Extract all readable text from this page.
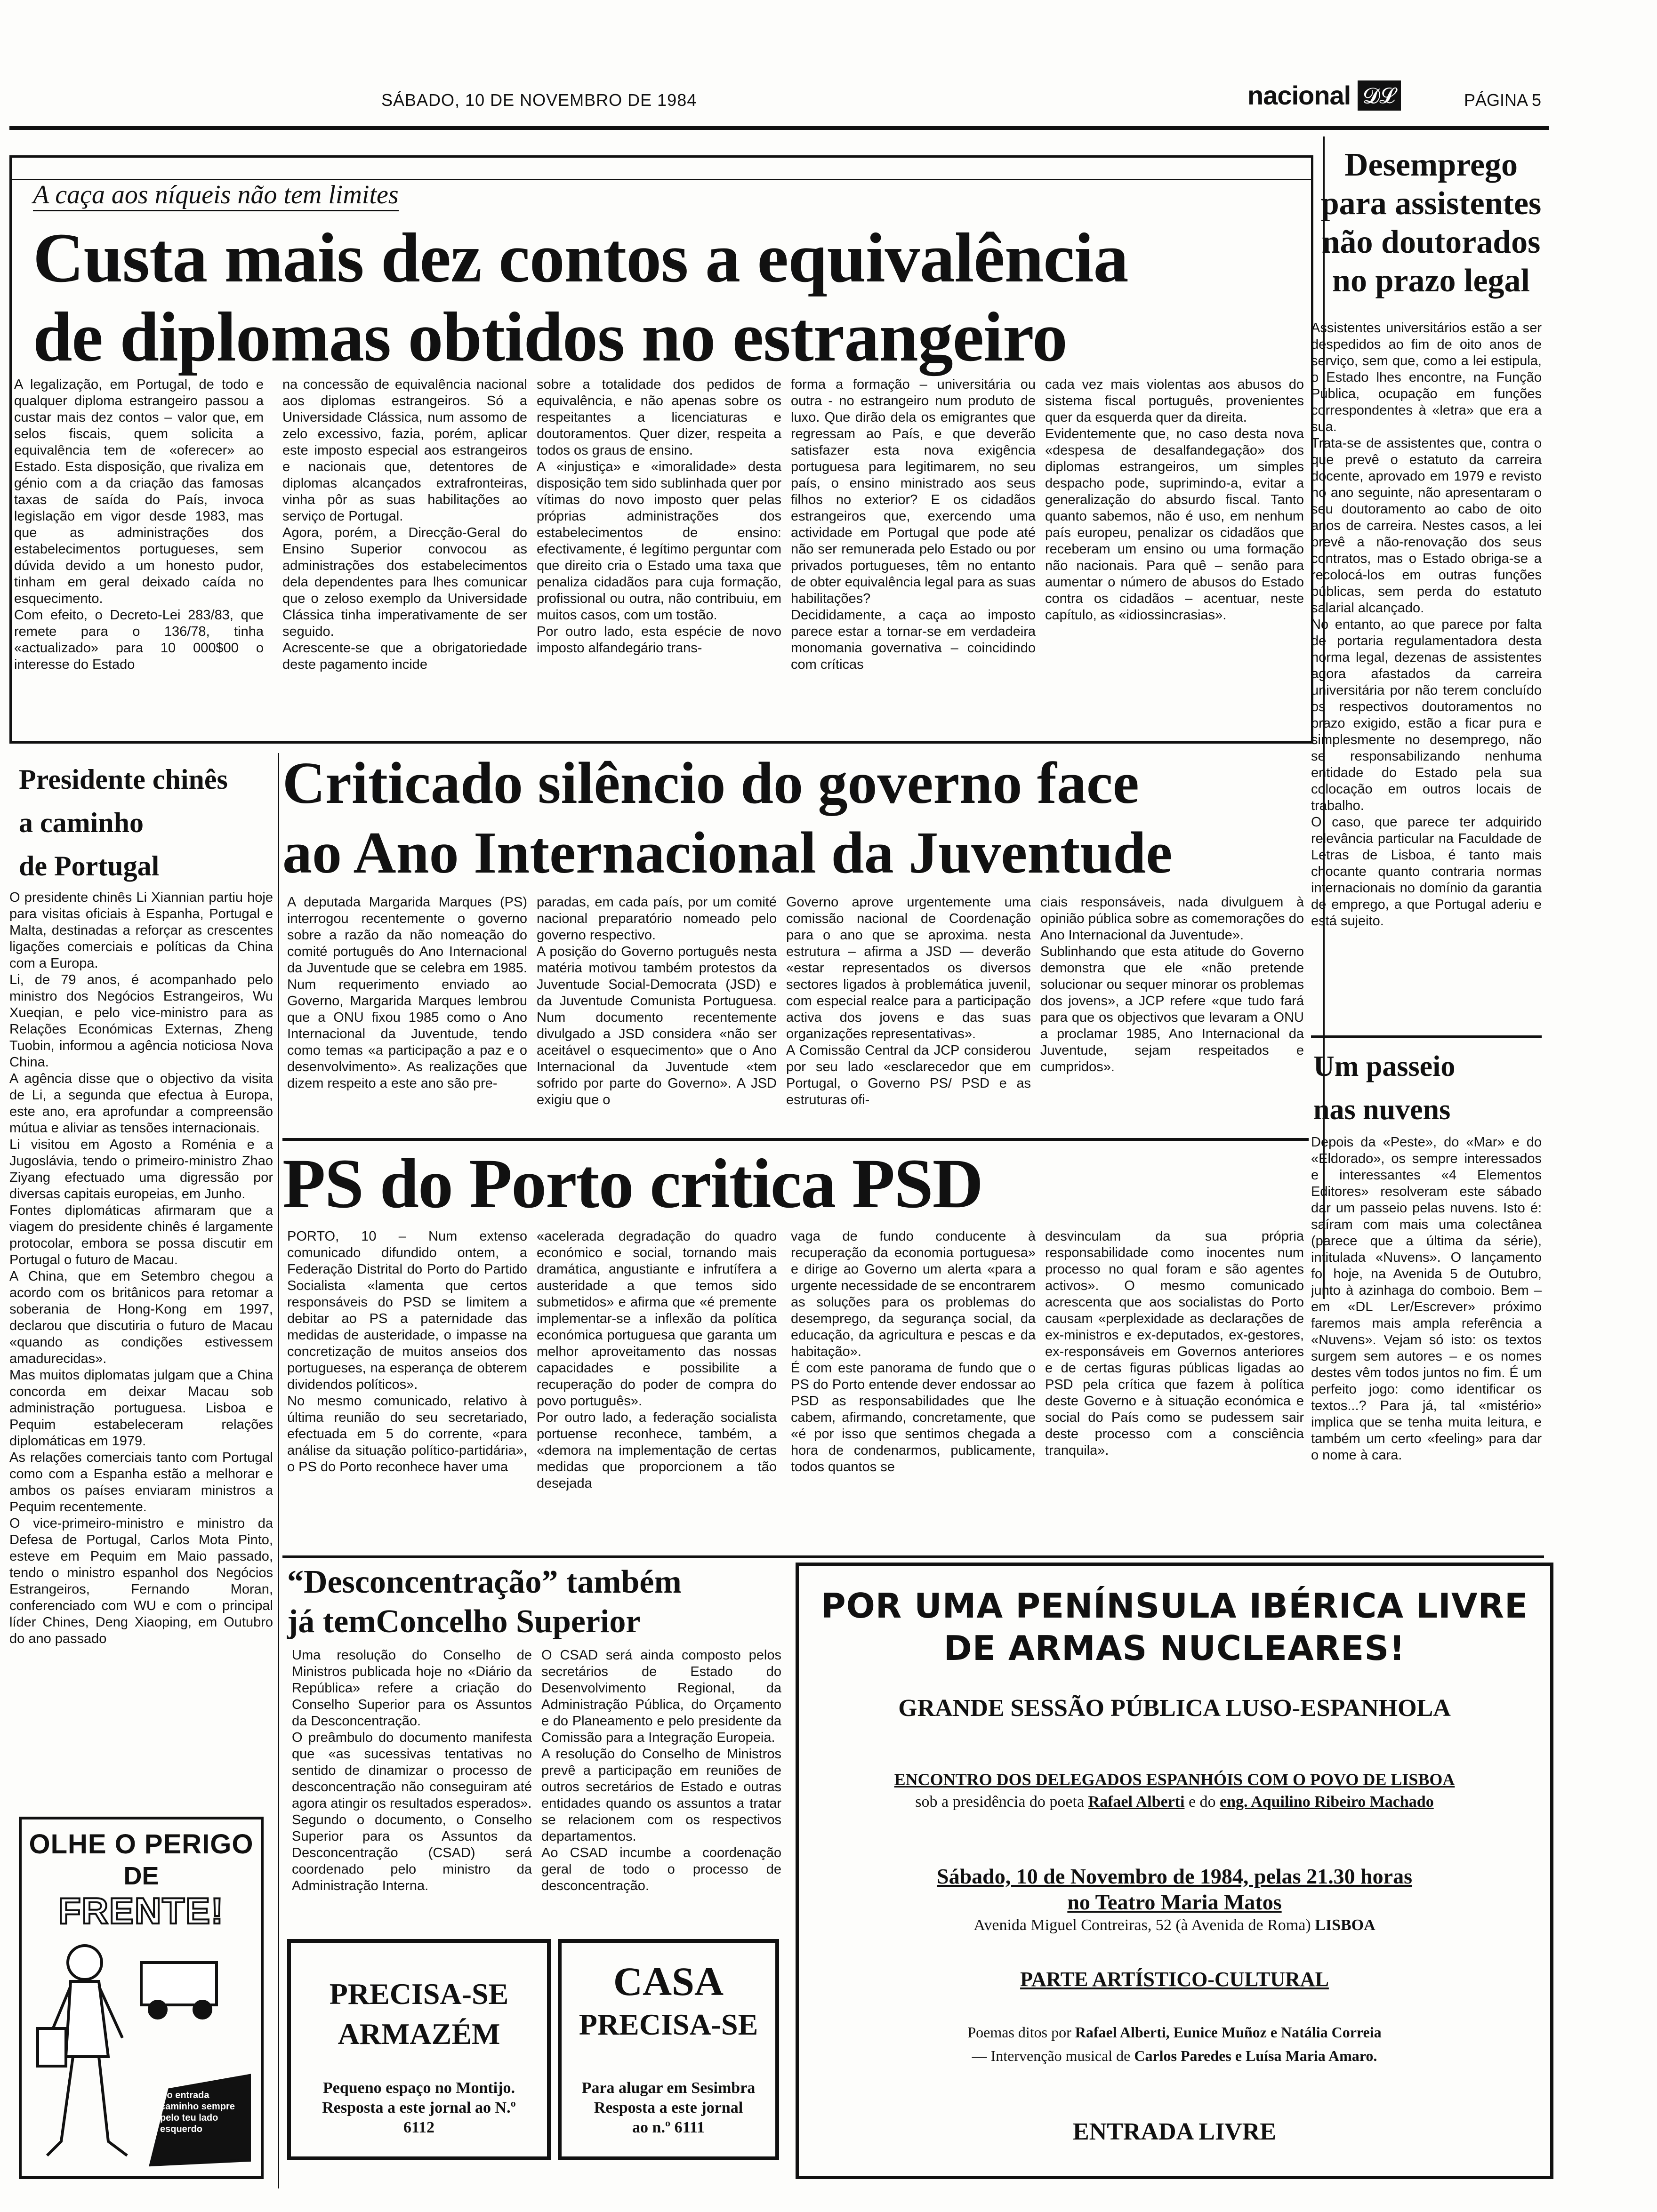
SÁBADO, 10 DE NOVEMBRO DE 1984	nacional 𝓓𝓛	PÁGINA 5
A caça aos níqueis não tem limites
Custa mais dez contos a equivalência
de diplomas obtidos no estrangeiro
A legalização, em Portugal, de todo e qualquer diploma estrangeiro passou a custar mais dez contos – valor que, em selos fiscais, quem solicita a equivalência tem de «oferecer» ao Estado. Esta disposição, que rivaliza em génio com a da criação das famosas taxas de saída do País, invoca legislação em vigor desde 1983, mas que as administrações dos estabelecimentos portugueses, sem dúvida devido a um honesto pudor, tinham em geral deixado caída no esquecimento.
Com efeito, o Decreto-Lei 283/83, que remete para o 136/78, tinha «actualizado» para 10 000$00 o interesse do Estado
na concessão de equivalência nacional aos diplomas estrangeiros. Só a Universidade Clássica, num assomo de zelo excessivo, fazia, porém, aplicar este imposto especial aos estrangeiros e nacionais que, detentores de diplomas alcançados extrafronteiras, vinha pôr as suas habilitações ao serviço de Portugal.
Agora, porém, a Direcção-Geral do Ensino Superior convocou as administrações dos estabelecimentos dela dependentes para lhes comunicar que o zeloso exemplo da Universidade Clássica tinha imperativamente de ser seguido.
Acrescente-se que a obrigatoriedade deste pagamento incide
sobre a totalidade dos pedidos de equivalência, e não apenas sobre os respeitantes a licenciaturas e doutoramentos. Quer dizer, respeita a todos os graus de ensino.
A «injustiça» e «imoralidade» desta disposição tem sido sublinhada quer por vítimas do novo imposto quer pelas próprias administrações dos estabelecimentos de ensino: efectivamente, é legítimo perguntar com que direito cria o Estado uma taxa que penaliza cidadãos para cuja formação, profissional ou outra, não contribuiu, em muitos casos, com um tostão.
Por outro lado, esta espécie de novo imposto alfandegário trans-
forma a formação – universitária ou outra - no estrangeiro num produto de luxo. Que dirão dela os emigrantes que regressam ao País, e que deverão satisfazer esta nova exigência portuguesa para legitimarem, no seu país, o ensino ministrado aos seus filhos no exterior? E os cidadãos estrangeiros que, exercendo uma actividade em Portugal que pode até não ser remunerada pelo Estado ou por privados portugueses, têm no entanto de obter equivalência legal para as suas habilitações?
Decididamente, a caça ao imposto parece estar a tornar-se em verdadeira monomania governativa – coincidindo com críticas
cada vez mais violentas aos abusos do sistema fiscal português, provenientes quer da esquerda quer da direita.
Evidentemente que, no caso desta nova «despesa de desalfandegação» dos diplomas estrangeiros, um simples despacho pode, suprimindo-a, evitar a generalização do absurdo fiscal. Tanto quanto sabemos, não é uso, em nenhum país europeu, penalizar os cidadãos que receberam um ensino ou uma formação não nacionais. Para quê – senão para aumentar o número de abusos do Estado contra os cidadãos – acentuar, neste capítulo, as «idiossincrasias».
Desemprego
para assistentes
não doutorados
no prazo legal
Assistentes universitários estão a ser despedidos ao fim de oito anos de serviço, sem que, como a lei estipula, o Estado lhes encontre, na Função Pública, ocupação em funções correspondentes à «letra» que era a sua.
Trata-se de assistentes que, contra o que prevê o estatuto da carreira docente, aprovado em 1979 e revisto no ano seguinte, não apresentaram o seu doutoramento ao cabo de oito anos de carreira. Nestes casos, a lei prevê a não-renovação dos seus contratos, mas o Estado obriga-se a recolocá-los em outras funções públicas, sem perda do estatuto salarial alcançado.
No entanto, ao que parece por falta de portaria regulamentadora desta norma legal, dezenas de assistentes agora afastados da carreira universitária por não terem concluído os respectivos doutoramentos no prazo exigido, estão a ficar pura e simplesmente no desemprego, não se responsabilizando nenhuma entidade do Estado pela sua colocação em outros locais de trabalho.
O caso, que parece ter adquirido relevância particular na Faculdade de Letras de Lisboa, é tanto mais chocante quanto contraria normas internacionais no domínio da garantia de emprego, a que Portugal aderiu e está sujeito.
Um passeio
nas nuvens
Depois da «Peste», do «Mar» e do «Eldorado», os sempre interessados e interessantes «4 Elementos Editores» resolveram este sábado dar um passeio pelas nuvens. Isto é: saíram com mais uma colectânea (parece que a última da série), intitulada «Nuvens». O lançamento foi hoje, na Avenida 5 de Outubro, junto à azinhaga do comboio. Bem – em «DL Ler/Escrever» próximo faremos mais ampla referência a «Nuvens». Vejam só isto: os textos surgem sem autores – e os nomes destes vêm todos juntos no fim. É um perfeito jogo: como identificar os textos...? Para já, tal «mistério» implica que se tenha muita leitura, e também um certo «feeling» para dar o nome à cara.
Presidente chinês
a caminho
de Portugal
O presidente chinês Li Xiannian partiu hoje para visitas oficiais à Espanha, Portugal e Malta, destinadas a reforçar as crescentes ligações comerciais e políticas da China com a Europa.
Li, de 79 anos, é acompanhado pelo ministro dos Negócios Estrangeiros, Wu Xueqian, e pelo vice-ministro para as Relações Económicas Externas, Zheng Tuobin, informou a agência noticiosa Nova China.
A agência disse que o objectivo da visita de Li, a segunda que efectua à Europa, este ano, era aprofundar a compreensão mútua e aliviar as tensões internacionais.
Li visitou em Agosto a Roménia e a Jugoslávia, tendo o primeiro-ministro Zhao Ziyang efectuado uma digressão por diversas capitais europeias, em Junho.
Fontes diplomáticas afirmaram que a viagem do presidente chinês é largamente protocolar, embora se possa discutir em Portugal o futuro de Macau.
A China, que em Setembro chegou a acordo com os britânicos para retomar a soberania de Hong-Kong em 1997, declarou que discutiria o futuro de Macau «quando as condições estivessem amadurecidas».
Mas muitos diplomatas julgam que a China concorda em deixar Macau sob administração portuguesa. Lisboa e Pequim estabeleceram relações diplomáticas em 1979.
As relações comerciais tanto com Portugal como com a Espanha estão a melhorar e ambos os países enviaram ministros a Pequim recentemente.
O vice-primeiro-ministro e ministro da Defesa de Portugal, Carlos Mota Pinto, esteve em Pequim em Maio passado, tendo o ministro espanhol dos Negócios Estrangeiros, Fernando Moran, conferenciado com WU e com o principal líder Chines, Deng Xiaoping, em Outubro do ano passado
Criticado silêncio do governo face
ao Ano Internacional da Juventude
A deputada Margarida Marques (PS) interrogou recentemente o governo sobre a razão da não nomeação do comité português do Ano Internacional da Juventude que se celebra em 1985. Num requerimento enviado ao Governo, Margarida Marques lembrou que a ONU fixou 1985 como o Ano Internacional da Juventude, tendo como temas «a participação a paz e o desenvolvimento». As realizações que dizem respeito a este ano são pre-
paradas, em cada país, por um comité nacional preparatório nomeado pelo governo respectivo.
A posição do Governo português nesta matéria motivou também protestos da Juventude Social-Democrata (JSD) e da Juventude Comunista Portuguesa. Num documento recentemente divulgado a JSD considera «não ser aceitável o esquecimento» que o Ano Internacional da Juventude «tem sofrido por parte do Governo». A JSD exigiu que o
Governo aprove urgentemente uma comissão nacional de Coordenação para o ano que se aproxima. nesta estrutura – afirma a JSD — deverão «estar representados os diversos sectores ligados à problemática juvenil, com especial realce para a participação activa dos jovens e das suas organizações representativas».
A Comissão Central da JCP considerou por seu lado «esclarecedor que em Portugal, o Governo PS/ PSD e as estruturas ofi-
ciais responsáveis, nada divulguem à opinião pública sobre as comemorações do Ano Internacional da Juventude».
Sublinhando que esta atitude do Governo demonstra que ele «não pretende solucionar ou sequer minorar os problemas dos jovens», a JCP refere «que tudo fará para que os objectivos que levaram a ONU a proclamar 1985, Ano Internacional da Juventude, sejam respeitados e cumpridos».
PS do Porto critica PSD
PORTO, 10 – Num extenso comunicado difundido ontem, a Federação Distrital do Porto do Partido Socialista «lamenta que certos responsáveis do PSD se limitem a debitar ao PS a paternidade das medidas de austeridade, o impasse na concretização de muitos anseios dos portugueses, na esperança de obterem dividendos políticos».
No mesmo comunicado, relativo à última reunião do seu secretariado, efectuada em 5 do corrente, «para análise da situação político-partidária», o PS do Porto reconhece haver uma
«acelerada degradação do quadro económico e social, tornando mais dramática, angustiante e infrutífera a austeridade a que temos sido submetidos» e afirma que «é premente implementar-se a inflexão da política económica portuguesa que garanta um melhor aproveitamento das nossas capacidades e possibilite a recuperação do poder de compra do povo português».
Por outro lado, a federação socialista portuense reconhece, também, a «demora na implementação de certas medidas que proporcionem a tão desejada
vaga de fundo conducente à recuperação da economia portuguesa» e dirige ao Governo um alerta «para a urgente necessidade de se encontrarem as soluções para os problemas do desemprego, da segurança social, da educação, da agricultura e pescas e da habitação».
É com este panorama de fundo que o PS do Porto entende dever endossar ao PSD as responsabilidades que lhe cabem, afirmando, concretamente, que «é por isso que sentimos chegada a hora de condenarmos, publicamente, todos quantos se
desvinculam da sua própria responsabilidade como inocentes num processo no qual foram e são agentes activos». O mesmo comunicado acrescenta que aos socialistas do Porto causam «perplexidade as declarações de ex-ministros e ex-deputados, ex-gestores, ex-responsáveis em Governos anteriores e de certas figuras públicas ligadas ao PSD pela crítica que fazem à política deste Governo e à situação económica e social do País como se pudessem sair deste processo com a consciência tranquila».
“Desconcentração” também
já temConcelho Superior
Uma resolução do Conselho de Ministros publicada hoje no «Diário da República» refere a criação do Conselho Superior para os Assuntos da Desconcentração.
O preâmbulo do documento manifesta que «as sucessivas tentativas no sentido de dinamizar o processo de desconcentração não conseguiram até agora atingir os resultados esperados».
Segundo o documento, o Conselho Superior para os Assuntos da Desconcentração (CSAD) será coordenado pelo ministro da Administração Interna.
O CSAD será ainda composto pelos secretários de Estado do Desenvolvimento Regional, da Administração Pública, do Orçamento e do Planeamento e pelo presidente da Comissão para a Integração Europeia.
A resolução do Conselho de Ministros prevê a participação em reuniões de outros secretários de Estado e outras entidades quando os assuntos a tratar se relacionem com os respectivos departamentos.
Ao CSAD incumbe a coordenação geral de todo o processo de desconcentração.
OLHE O PERIGO
DE
FRENTE!
No entrada caminho sempre pelo teu lado esquerdo
PRECISA-SE
ARMAZÉM
Pequeno espaço no Montijo.
Resposta a este jornal ao N.º
6112
CASA
PRECISA-SE
Para alugar em Sesimbra
Resposta a este jornal
ao n.º 6111
POR UMA PENÍNSULA IBÉRICA LIVRE
DE ARMAS NUCLEARES!
GRANDE SESSÃO PÚBLICA LUSO-ESPANHOLA
ENCONTRO DOS DELEGADOS ESPANHÓIS COM O POVO DE LISBOA
sob a presidência do poeta Rafael Alberti e do eng. Aquilino Ribeiro Machado
Sábado, 10 de Novembro de 1984, pelas 21.30 horas
no Teatro Maria Matos
Avenida Miguel Contreiras, 52 (à Avenida de Roma) LISBOA
PARTE ARTÍSTICO-CULTURAL
Poemas ditos por Rafael Alberti, Eunice Muñoz e Natália Correia
— Intervenção musical de Carlos Paredes e Luísa Maria Amaro.
ENTRADA LIVRE
